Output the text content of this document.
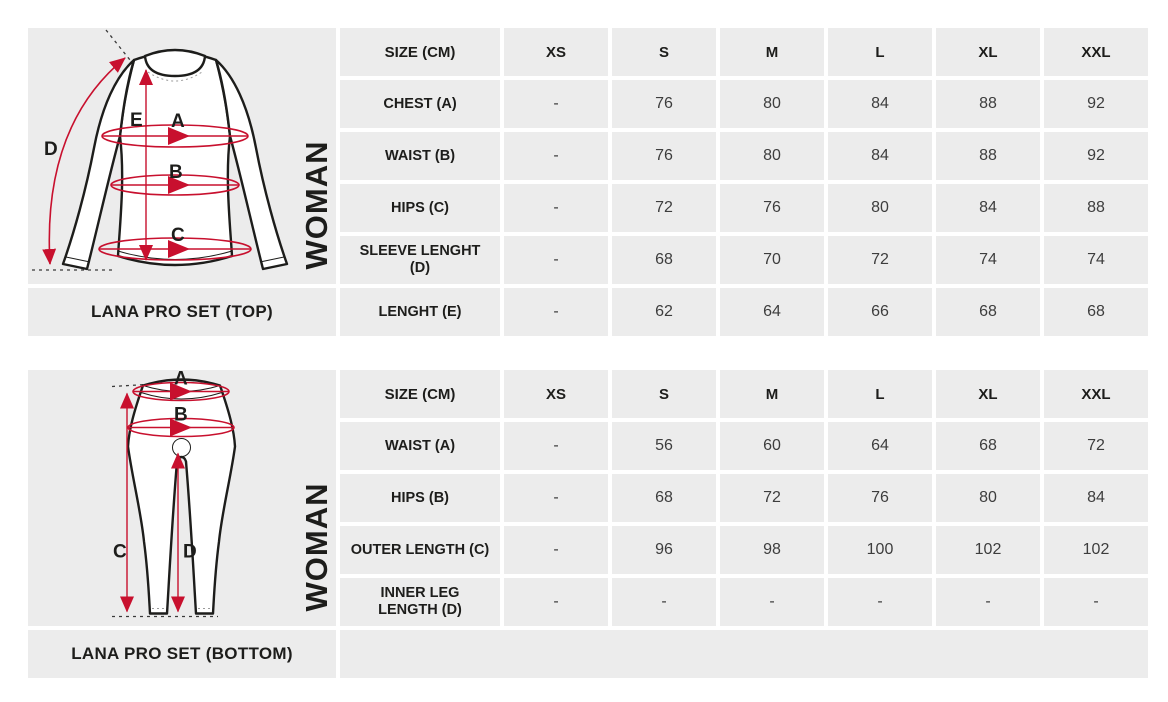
A
B
C
D
E
WOMAN
LANA PRO SET (TOP)
SIZE (CM)	XS	S	M	L	XL	XXL
CHEST (A)	-	76	80	84	88	92
WAIST (B)	-	76	80	84	88	92
HIPS (C)	-	72	76	80	84	88
SLEEVE LENGHT (D)	-	68	70	72	74	74
LENGHT (E)	-	62	64	66	68	68
A
B
C	D	WOMAN
LANA PRO SET (BOTTOM)
SIZE (CM)	XS	S	M	L	XL	XXL
WAIST (A)	-	56	60	64	68	72
HIPS (B)	-	68	72	76	80	84
OUTER LENGTH (C)	-	96	98	100	102	102
INNER LEG LENGTH (D)	-	-	-	-	-	-
